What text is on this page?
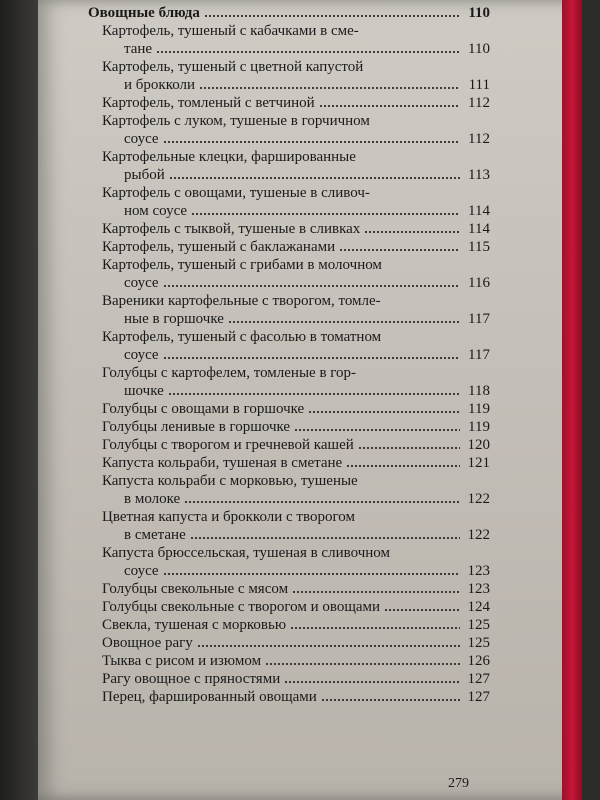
Овощные блюда	110
Картофель, тушеный с кабачками в сме-
тане	110
Картофель, тушеный с цветной капустой
и брокколи	111
Картофель, томленый с ветчиной	112
Картофель с луком, тушеные в горчичном
соусе	112
Картофельные клецки, фаршированные
рыбой	113
Картофель с овощами, тушеные в сливоч-
ном соусе	114
Картофель с тыквой, тушеные в сливках	114
Картофель, тушеный с баклажанами	115
Картофель, тушеный с грибами в молочном
соусе	116
Вареники картофельные с творогом, томле-
ные в горшочке	117
Картофель, тушеный с фасолью в томатном
соусе	117
Голубцы с картофелем, томленые в гор-
шочке	118
Голубцы с овощами в горшочке	119
Голубцы ленивые в горшочке	119
Голубцы с творогом и гречневой кашей	120
Капуста кольраби, тушеная в сметане	121
Капуста кольраби с морковью, тушеные
в молоке	122
Цветная капуста и брокколи с творогом
в сметане	122
Капуста брюссельская, тушеная в сливочном
соусе	123
Голубцы свекольные с мясом	123
Голубцы свекольные с творогом и овощами	124
Свекла, тушеная с морковью	125
Овощное рагу	125
Тыква с рисом и изюмом	126
Рагу овощное с пряностями	127
Перец, фаршированный овощами	127
279
